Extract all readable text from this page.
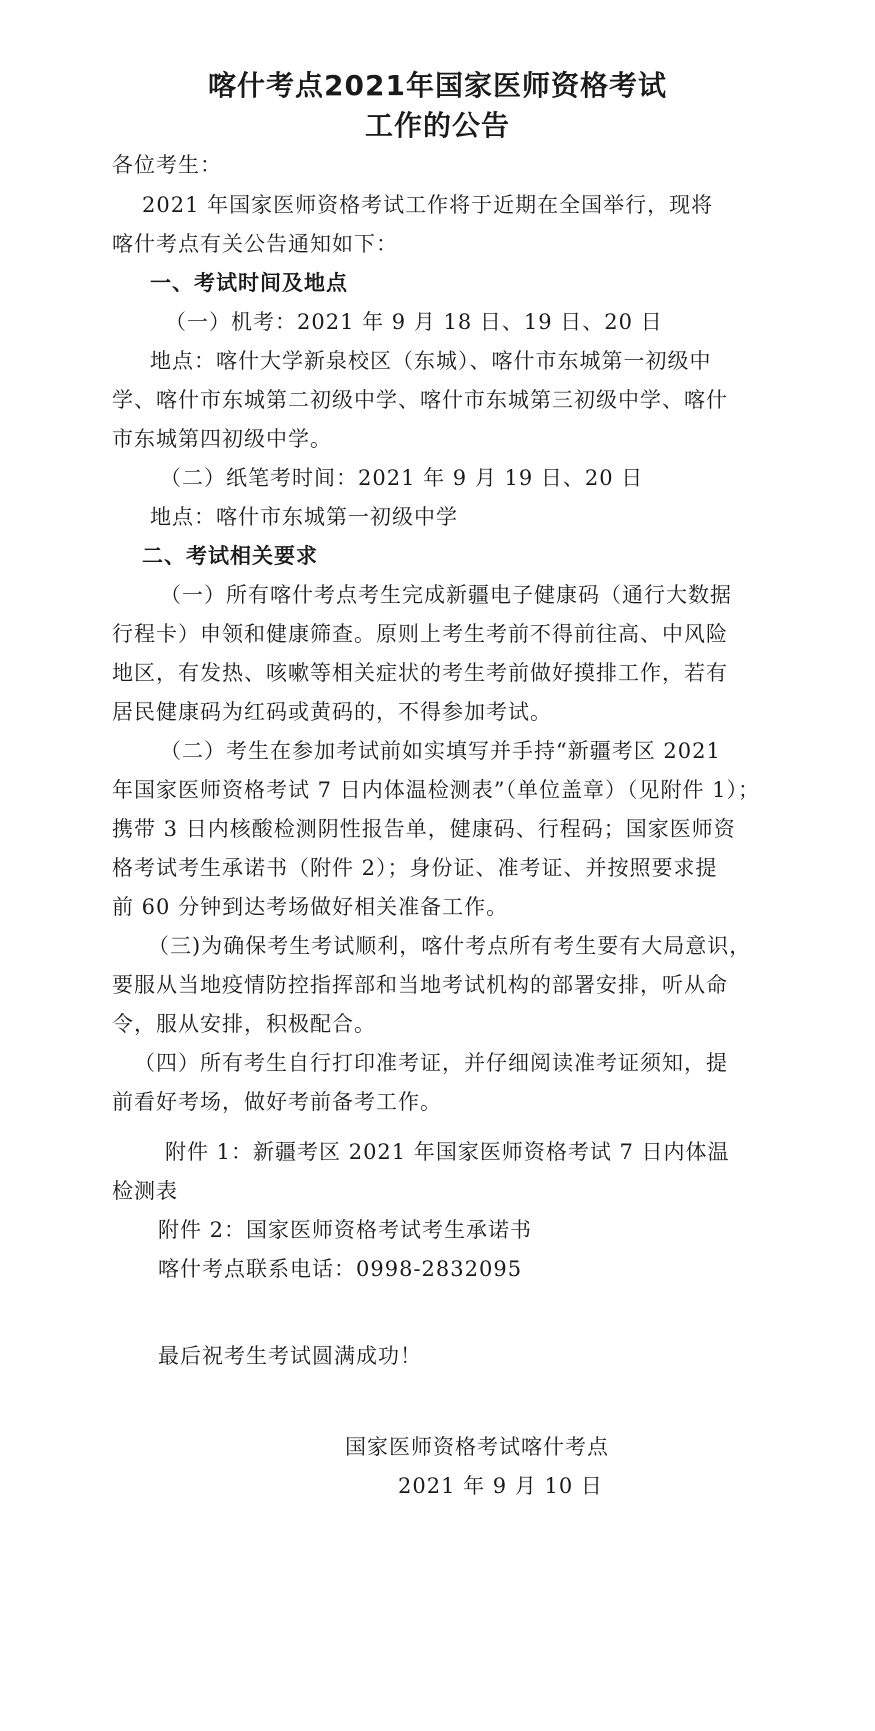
喀什考点2021年国家医师资格考试
工作的公告
各位考生：
2021 年国家医师资格考试工作将于近期在全国举行，现将
喀什考点有关公告通知如下：
一、考试时间及地点
（一）机考：2021 年 9 月 18 日、19 日、20 日
地点：喀什大学新泉校区（东城）、喀什市东城第一初级中
学、喀什市东城第二初级中学、喀什市东城第三初级中学、喀什
市东城第四初级中学。
（二）纸笔考时间：2021 年 9 月 19 日、20 日
地点：喀什市东城第一初级中学
二、考试相关要求
（一）所有喀什考点考生完成新疆电子健康码（通行大数据
行程卡）申领和健康筛查。原则上考生考前不得前往高、中风险
地区，有发热、咳嗽等相关症状的考生考前做好摸排工作，若有
居民健康码为红码或黄码的，不得参加考试。
（二）考生在参加考试前如实填写并手持“新疆考区 2021
年国家医师资格考试 7 日内体温检测表”（单位盖章）（见附件 1）；
携带 3 日内核酸检测阴性报告单，健康码、行程码；国家医师资
格考试考生承诺书（附件 2）；身份证、准考证、并按照要求提
前 60 分钟到达考场做好相关准备工作。
（三)为确保考生考试顺利，喀什考点所有考生要有大局意识，
要服从当地疫情防控指挥部和当地考试机构的部署安排，听从命
令，服从安排，积极配合。
（四）所有考生自行打印准考证，并仔细阅读准考证须知，提
前看好考场，做好考前备考工作。
附件 1：新疆考区 2021 年国家医师资格考试 7 日内体温
检测表
附件 2：国家医师资格考试考生承诺书
喀什考点联系电话：0998-2832095
最后祝考生考试圆满成功！
国家医师资格考试喀什考点
2021 年 9 月 10 日
